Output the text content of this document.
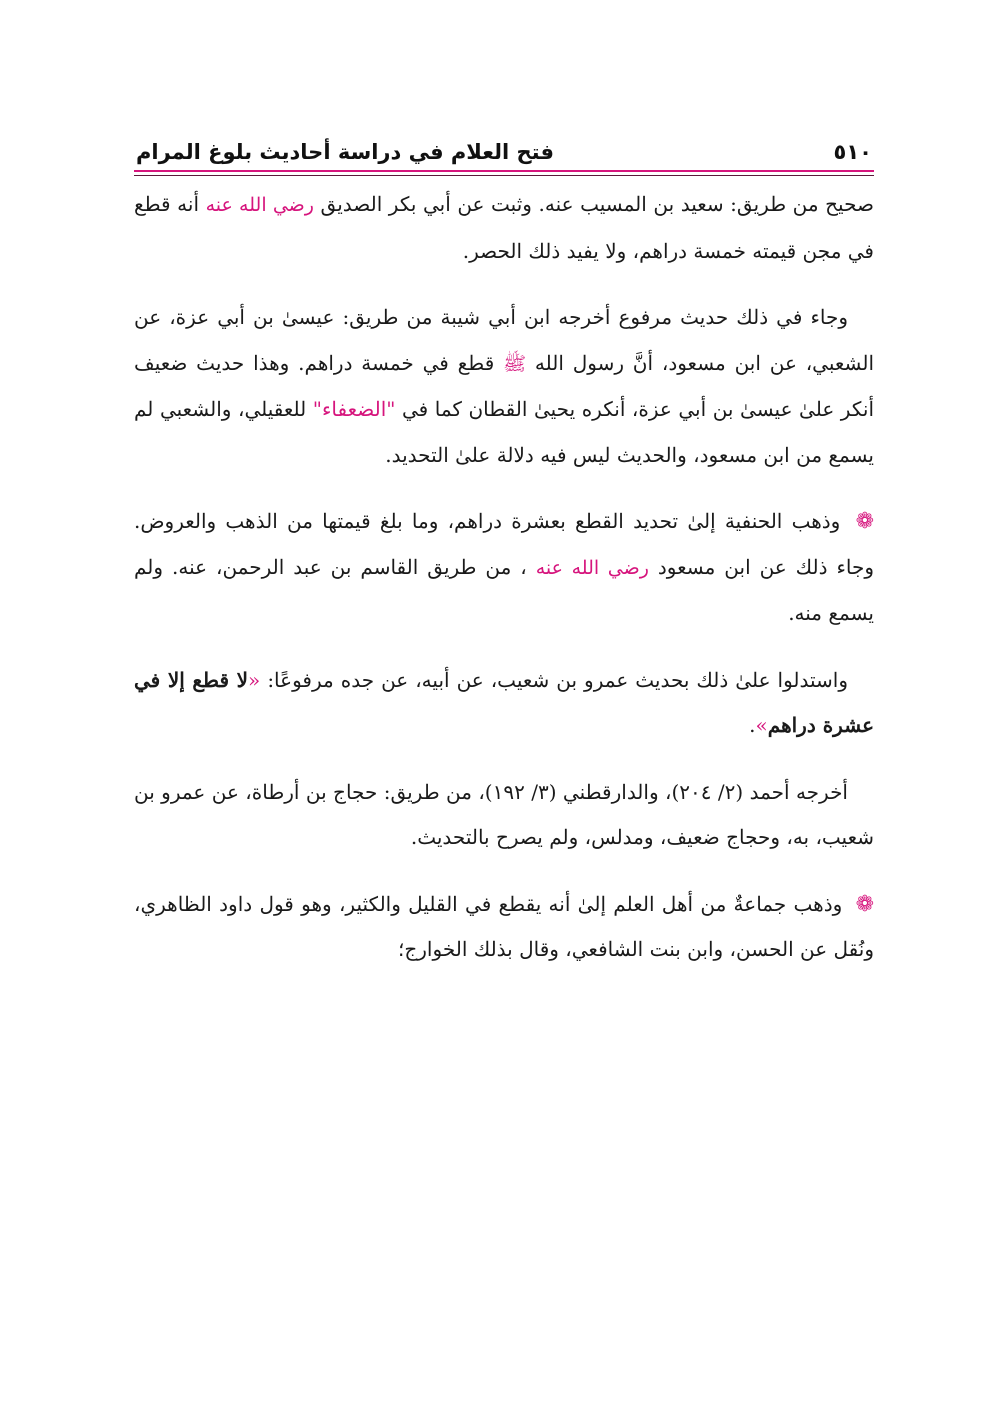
٥١٠
فتح العلام في دراسة أحاديث بلوغ المرام

صحيح من طريق: سعيد بن المسيب عنه. وثبت عن أبي بكر الصديق رضي الله عنه أنه قطع في مجن قيمته خمسة دراهم، ولا يفيد ذلك الحصر.

وجاء في ذلك حديث مرفوع أخرجه ابن أبي شيبة من طريق: عيسىٰ بن أبي عزة، عن الشعبي، عن ابن مسعود، أنَّ رسول الله ﷺ قطع في خمسة دراهم. وهذا حديث ضعيف أنكر علىٰ عيسىٰ بن أبي عزة، أنكره يحيىٰ القطان كما في "الضعفاء" للعقيلي، والشعبي لم يسمع من ابن مسعود، والحديث ليس فيه دلالة علىٰ التحديد.

❁ وذهب الحنفية إلىٰ تحديد القطع بعشرة دراهم، وما بلغ قيمتها من الذهب والعروض. وجاء ذلك عن ابن مسعود رضي الله عنه ، من طريق القاسم بن عبد الرحمن، عنه. ولم يسمع منه.

واستدلوا علىٰ ذلك بحديث عمرو بن شعيب، عن أبيه، عن جده مرفوعًا: «لا قطع إلا في عشرة دراهم».

أخرجه أحمد (٢/ ٢٠٤)، والدارقطني (٣/ ١٩٢)، من طريق: حجاج بن أرطاة، عن عمرو بن شعيب، به، وحجاج ضعيف، ومدلس، ولم يصرح بالتحديث.

❁ وذهب جماعةٌ من أهل العلم إلىٰ أنه يقطع في القليل والكثير، وهو قول داود الظاهري، ونُقل عن الحسن، وابن بنت الشافعي، وقال بذلك الخوارج؛
